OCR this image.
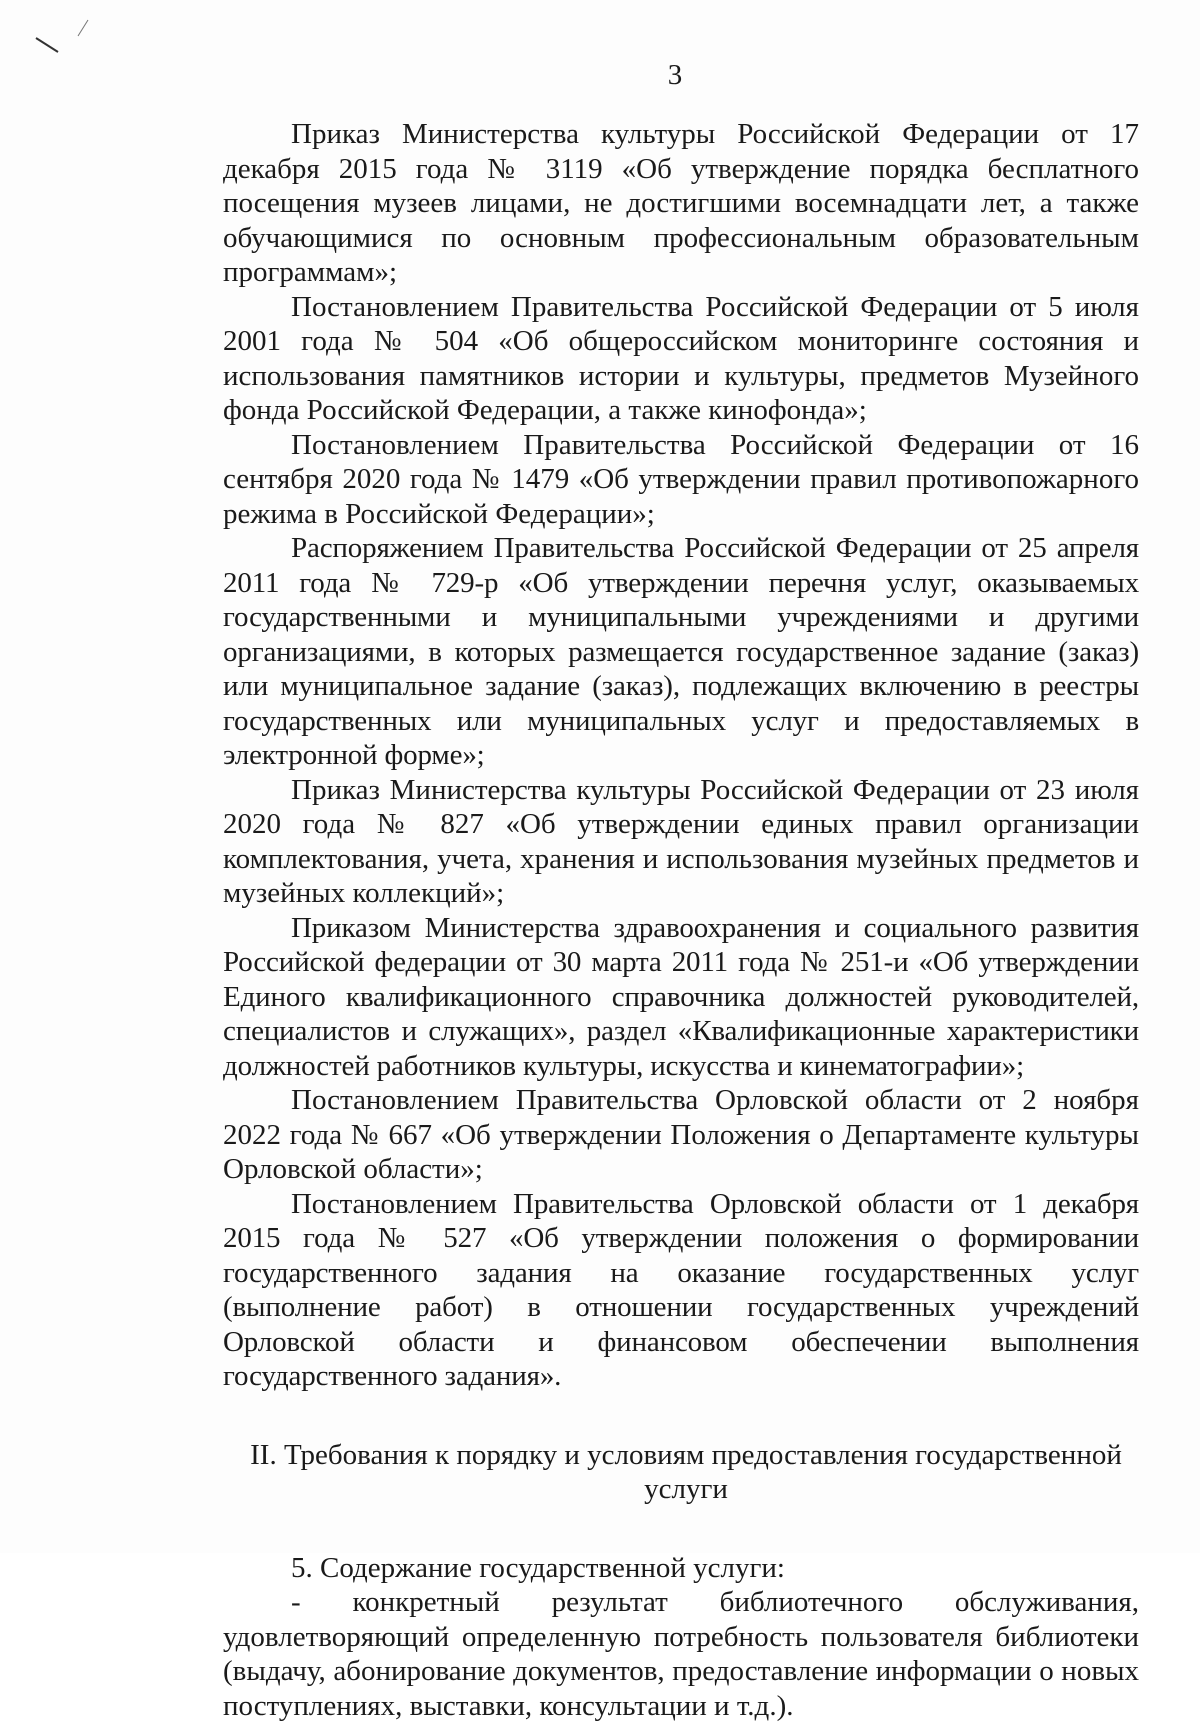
3

Приказ Министерства культуры Российской Федерации от 17 декабря 2015 года № 3119 «Об утверждение порядка бесплатного посещения музеев лицами, не достигшими восемнадцати лет, а также обучающимися по основным профессиональным образовательным программам»;

Постановлением Правительства Российской Федерации от 5 июля 2001 года № 504 «Об общероссийском мониторинге состояния и использования памятников истории и культуры, предметов Музейного фонда Российской Федерации, а также кинофонда»;

Постановлением Правительства Российской Федерации от 16 сентября 2020 года № 1479 «Об утверждении правил противопожарного режима в Российской Федерации»;

Распоряжением Правительства Российской Федерации от 25 апреля 2011 года № 729-р «Об утверждении перечня услуг, оказываемых государственными и муниципальными учреждениями и другими организациями, в которых размещается государственное задание (заказ) или муниципальное задание (заказ), подлежащих включению в реестры государственных или муниципальных услуг и предоставляемых в электронной форме»;

Приказ Министерства культуры Российской Федерации от 23 июля 2020 года № 827 «Об утверждении единых правил организации комплектования, учета, хранения и использования музейных предметов и музейных коллекций»;

Приказом Министерства здравоохранения и социального развития Российской федерации от 30 марта 2011 года № 251-и «Об утверждении Единого квалификационного справочника должностей руководителей, специалистов и служащих», раздел «Квалификационные характеристики должностей работников культуры, искусства и кинематографии»;

Постановлением Правительства Орловской области от 2 ноября 2022 года № 667 «Об утверждении Положения о Департаменте культуры Орловской области»;

Постановлением Правительства Орловской области от 1 декабря 2015 года № 527 «Об утверждении положения о формировании государственного задания на оказание государственных услуг (выполнение работ) в отношении государственных учреждений Орловской области и финансовом обеспечении выполнения государственного задания».

II. Требования к порядку и условиям предоставления государственной
услуги

5. Содержание государственной услуги:

- конкретный результат библиотечного обслуживания, удовлетворяющий определенную потребность пользователя библиотеки (выдачу, абонирование документов, предоставление информации о новых поступлениях, выставки, консультации и т.д.).
